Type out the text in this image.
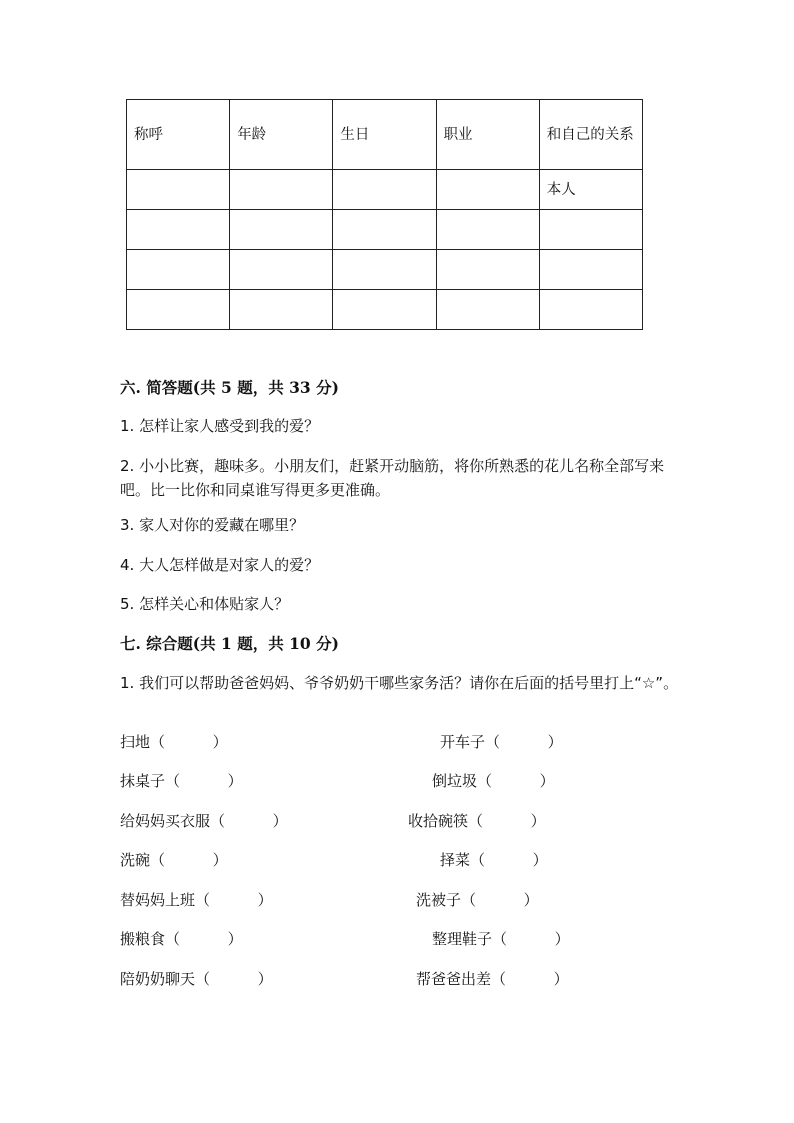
称呼	年龄	生日	职业	和自己的关系
				本人

六. 简答题(共 5 题，共 33 分)
1. 怎样让家人感受到我的爱？
2. 小小比赛，趣味多。小朋友们，赶紧开动脑筋，将你所熟悉的花儿名称全部写来吧。比一比你和同桌谁写得更多更准确。
3. 家人对你的爱藏在哪里？
4. 大人怎样做是对家人的爱？
5. 怎样关心和体贴家人？
七. 综合题(共 1 题，共 10 分)
1. 我们可以帮助爸爸妈妈、爷爷奶奶干哪些家务活？请你在后面的括号里打上“☆”。
扫地（          ）
抹桌子（          ）
给妈妈买衣服（          ）
洗碗（          ）
替妈妈上班（          ）
搬粮食（          ）
陪奶奶聊天（          ）
开车子（          ）
倒垃圾（          ）
收拾碗筷（          ）
择菜（          ）
洗被子（          ）
整理鞋子（          ）
帮爸爸出差（          ）
